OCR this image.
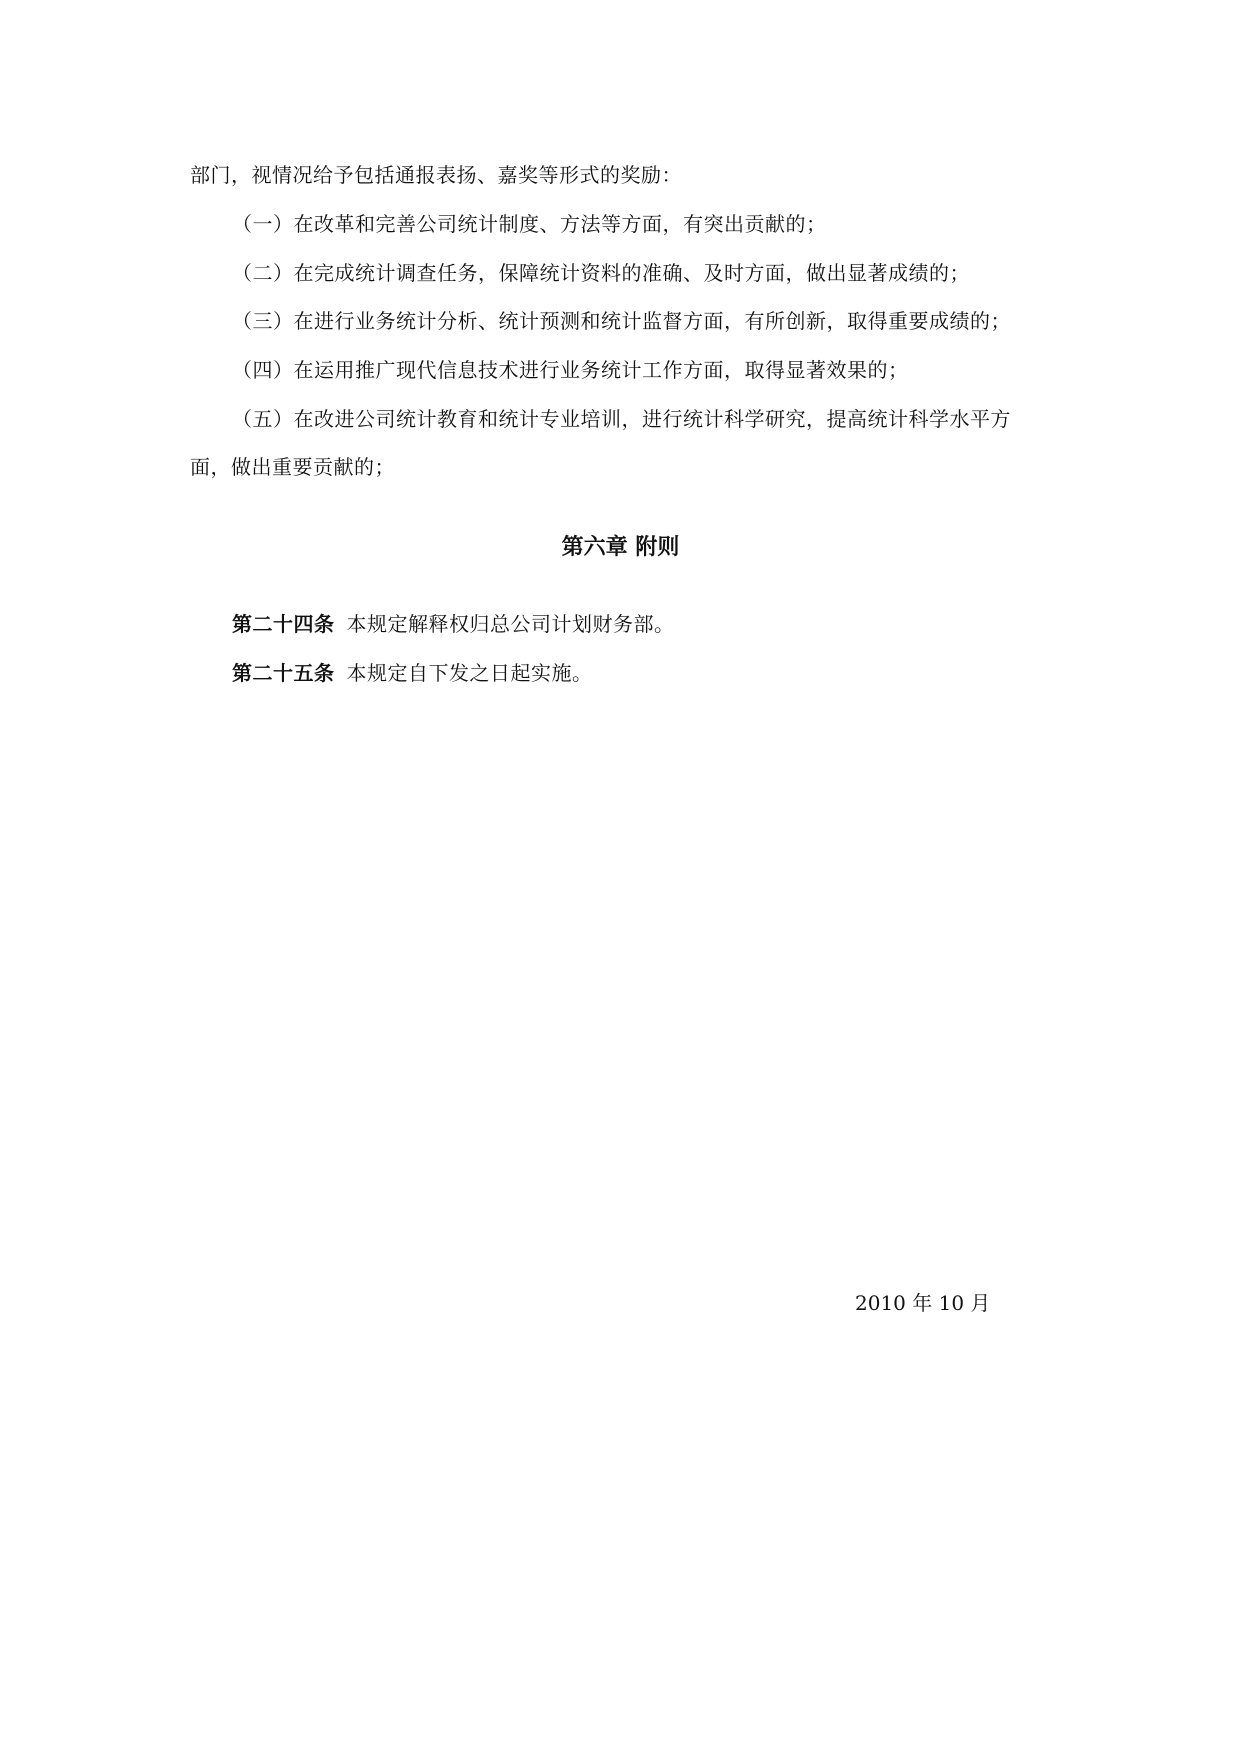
部门，视情况给予包括通报表扬、嘉奖等形式的奖励：
（一）在改革和完善公司统计制度、方法等方面，有突出贡献的；
（二）在完成统计调查任务，保障统计资料的准确、及时方面，做出显著成绩的；
（三）在进行业务统计分析、统计预测和统计监督方面，有所创新，取得重要成绩的；
（四）在运用推广现代信息技术进行业务统计工作方面，取得显著效果的；
（五）在改进公司统计教育和统计专业培训，进行统计科学研究，提高统计科学水平方
面，做出重要贡献的；
第六章 附则
第二十四条 本规定解释权归总公司计划财务部。
第二十五条 本规定自下发之日起实施。
2010 年 10 月
